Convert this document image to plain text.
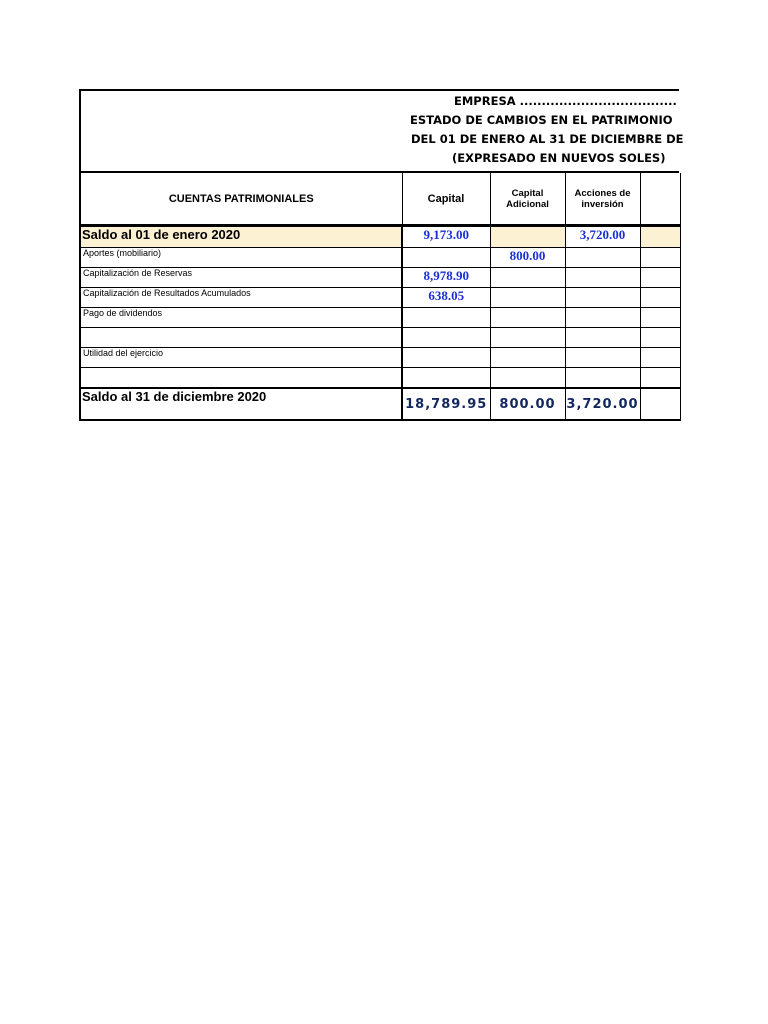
EMPRESA ....................................
ESTADO DE CAMBIOS EN EL PATRIMONIO
DEL 01 DE ENERO AL 31 DE DICIEMBRE DE
(EXPRESADO EN NUEVOS SOLES)
CUENTAS PATRIMONIALES	Capital	Capital Adicional	Acciones de inversión	
Saldo al 01 de enero 2020	9,173.00		3,720.00	
Aportes (mobiliario)		800.00		
Capitalización de Reservas	8,978.90			
Capitalización de Resultados Acumulados	638.05			
Pago de dividendos				

Utilidad del ejercicio				

Saldo al 31 de diciembre 2020	18,789.95	800.00	3,720.00	
